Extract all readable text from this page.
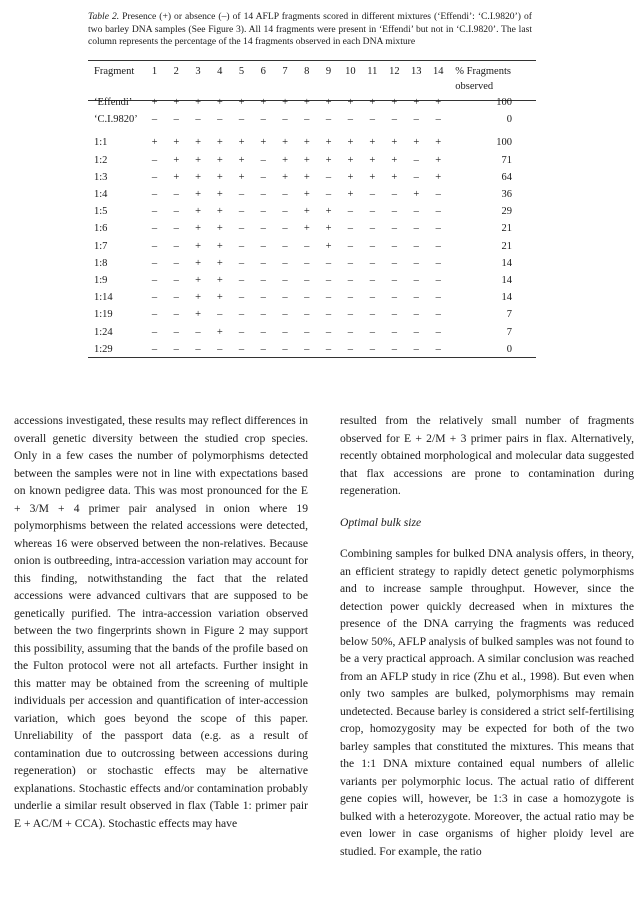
Table 2. Presence (+) or absence (–) of 14 AFLP fragments scored in different mixtures (‘Effendi’: ‘C.I.9820’) of two barley DNA samples (See Figure 3). All 14 fragments were present in ‘Effendi’ but not in ‘C.I.9820’. The last column represents the percentage of the 14 fragments observed in each DNA mixture
Fragment	1	2	3	4	5	6	7	8	9	10	11	12	13	14	% Fragments
															observed
‘Effendi’	+	+	+	+	+	+	+	+	+	+	+	+	+	+	100
‘C.I.9820’	–	–	–	–	–	–	–	–	–	–	–	–	–	–	0

1:1	+	+	+	+	+	+	+	+	+	+	+	+	+	+	100
1:2	–	+	+	+	+	–	+	+	+	+	+	+	–	+	71
1:3	–	+	+	+	+	–	+	+	–	+	+	+	–	+	64
1:4	–	–	+	+	–	–	–	+	–	+	–	–	+	–	36
1:5	–	–	+	+	–	–	–	+	+	–	–	–	–	–	29
1:6	–	–	+	+	–	–	–	+	+	–	–	–	–	–	21
1:7	–	–	+	+	–	–	–	–	+	–	–	–	–	–	21
1:8	–	–	+	+	–	–	–	–	–	–	–	–	–	–	14
1:9	–	–	+	+	–	–	–	–	–	–	–	–	–	–	14
1:14	–	–	+	+	–	–	–	–	–	–	–	–	–	–	14
1:19	–	–	+	–	–	–	–	–	–	–	–	–	–	–	7
1:24	–	–	–	+	–	–	–	–	–	–	–	–	–	–	7
1:29	–	–	–	–	–	–	–	–	–	–	–	–	–	–	0

accessions investigated, these results may reflect differences in overall genetic diversity between the studied crop species. Only in a few cases the number of polymorphisms detected between the samples were not in line with expectations based on known pedigree data. This was most pronounced for the E + 3/M + 4 primer pair analysed in onion where 19 polymorphisms between the related accessions were detected, whereas 16 were observed between the non-relatives. Because onion is outbreeding, intra-accession variation may account for this finding, notwithstanding the fact that the related accessions were advanced cultivars that are supposed to be genetically purified. The intra-accession variation observed between the two fingerprints shown in Figure 2 may support this possibility, assuming that the bands of the profile based on the Fulton protocol were not all artefacts. Further insight in this matter may be obtained from the screening of multiple individuals per accession and quantification of inter-accession variation, which goes beyond the scope of this paper. Unreliability of the passport data (e.g. as a result of contamination due to outcrossing between accessions during regeneration) or stochastic effects may be alternative explanations. Stochastic effects and/or contamination probably underlie a similar result observed in flax (Table 1: primer pair E + AC/M + CCA). Stochastic effects may have

resulted from the relatively small number of fragments observed for E + 2/M + 3 primer pairs in flax. Alternatively, recently obtained morphological and molecular data suggested that flax accessions are prone to contamination during regeneration.

Optimal bulk size

Combining samples for bulked DNA analysis offers, in theory, an efficient strategy to rapidly detect genetic polymorphisms and to increase sample throughput. However, since the detection power quickly decreased when in mixtures the presence of the DNA carrying the fragments was reduced below 50%, AFLP analysis of bulked samples was not found to be a very practical approach. A similar conclusion was reached from an AFLP study in rice (Zhu et al., 1998). But even when only two samples are bulked, polymorphisms may remain undetected. Because barley is considered a strict self-fertilising crop, homozygosity may be expected for both of the two barley samples that constituted the mixtures. This means that the 1:1 DNA mixture contained equal numbers of allelic variants per polymorphic locus. The actual ratio of different gene copies will, however, be 1:3 in case a homozygote is bulked with a heterozygote. Moreover, the actual ratio may be even lower in case organisms of higher ploidy level are studied. For example, the ratio
